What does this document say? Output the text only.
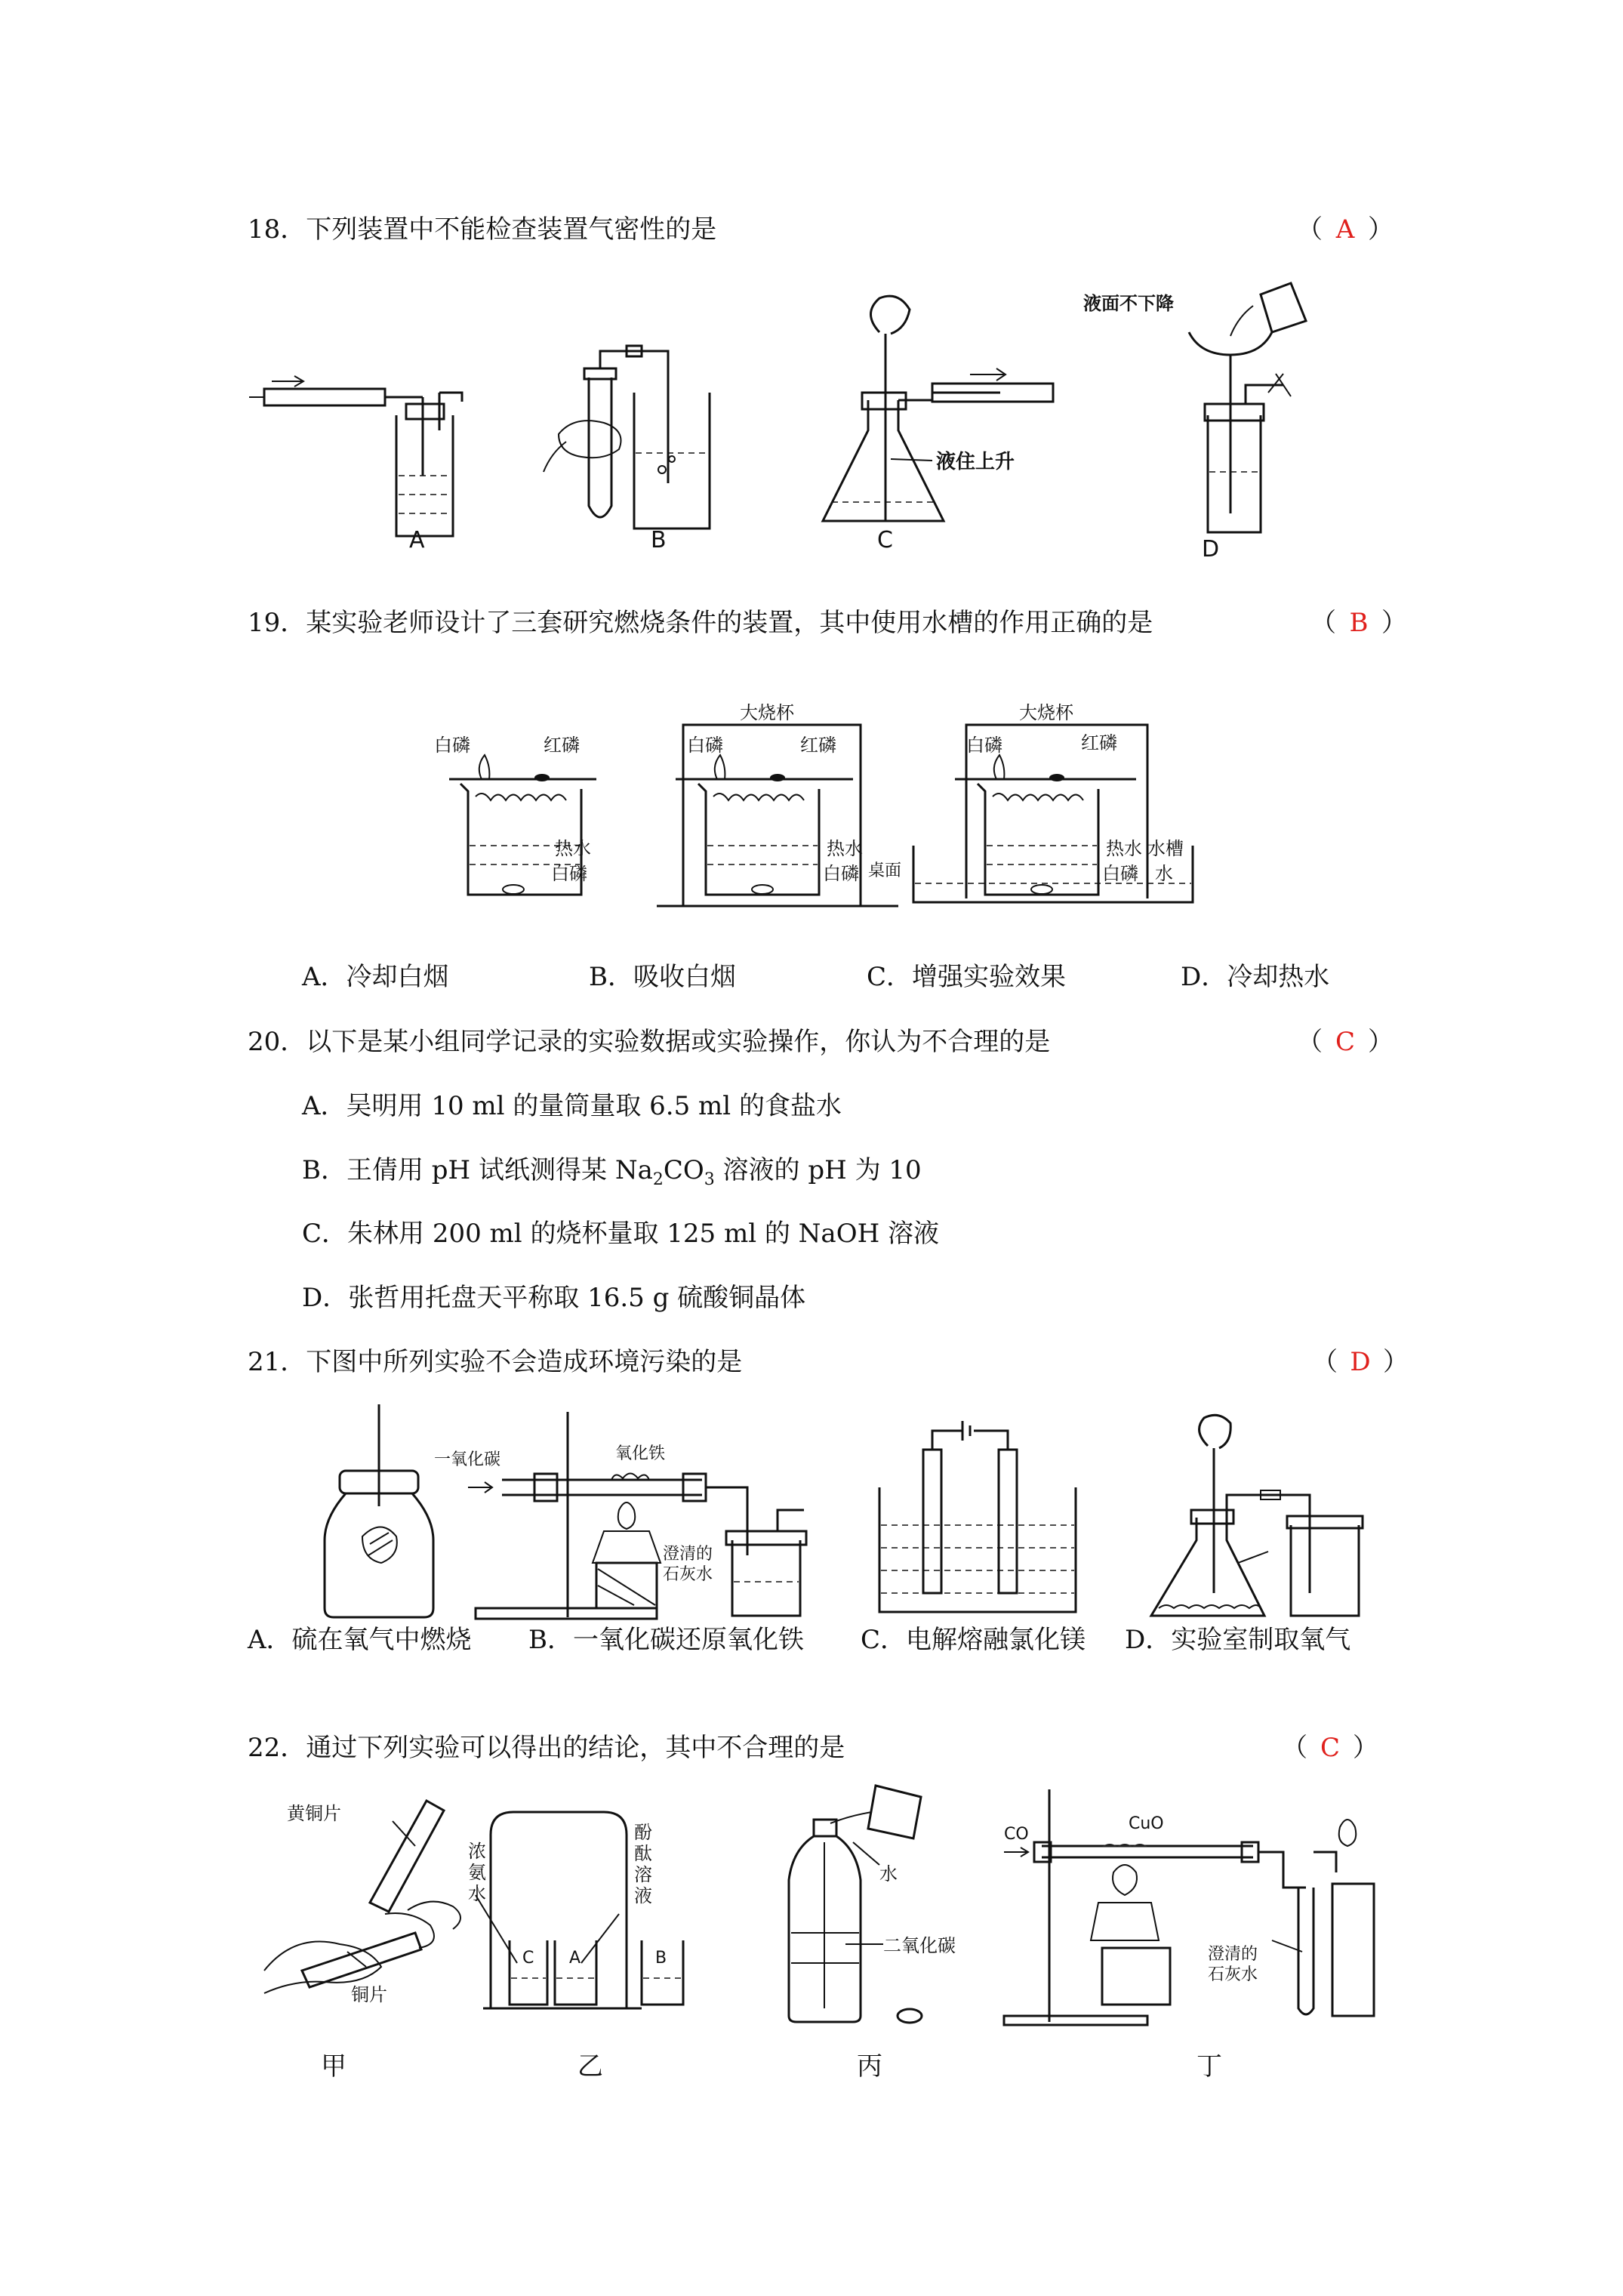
18．下列装置中不能检查装置气密性的是	（ A ）
A	B
液住上升
C
液面不下降
D
19．某实验老师设计了三套研究燃烧条件的装置，其中使用水槽的作用正确的是	（ B ）
白磷	红磷
热水
白磷
大烧杯
白磷	红磷
热水
白磷 桌面
大烧杯
白磷	红磷
热水 水槽
白磷 水
A．冷却白烟	B．吸收白烟	C．增强实验效果	D．冷却热水
20．以下是某小组同学记录的实验数据或实验操作，你认为不合理的是	（ C ）
A．吴明用 10 ml 的量筒量取 6.5 ml 的食盐水
B．王倩用 pH 试纸测得某 $Na_2CO_3$ 溶液的 pH 为 10
C．朱林用 200 ml 的烧杯量取 125 ml 的 NaOH 溶液
D．张哲用托盘天平称取 16.5 g 硫酸铜晶体
21．下图中所列实验不会造成环境污染的是	（ D ）
一氧化碳	氧化铁
澄清的
石灰水
A．硫在氧气中燃烧 B．一氧化碳还原氧化铁 C．电解熔融氯化镁 D．实验室制取氧气
22．通过下列实验可以得出的结论，其中不合理的是	（ C ）
黄铜片
铜片
浓
氨
水
酚
酞
溶
液
C A	B
水
二氧化碳
CO
CuO
澄清的
石灰水
甲	乙	丙	丁
